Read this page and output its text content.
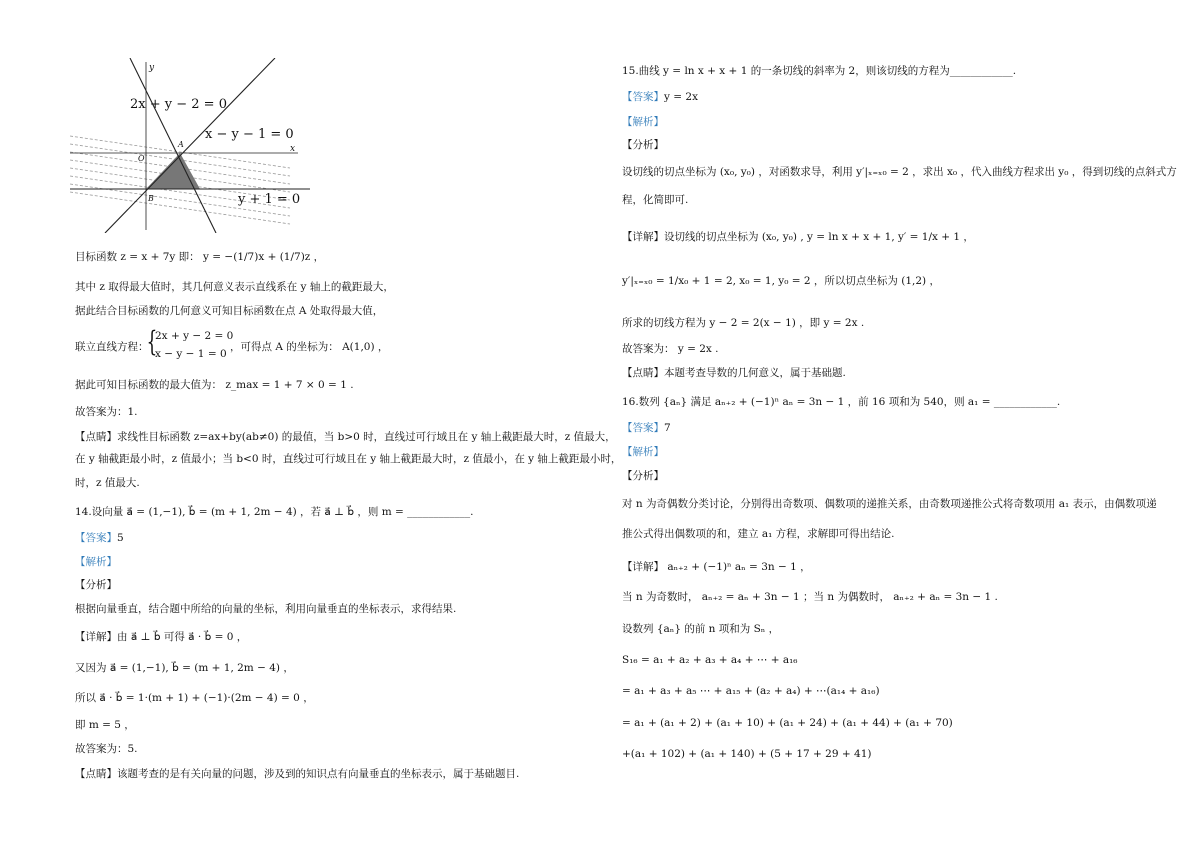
2x + y − 2 = 0
x − y − 1 = 0
y + 1 = 0
y
x
A
B
O
目标函数 z = x + 7y 即： y = −(1/7)x + (1/7)z ，
其中 z 取得最大值时，其几何意义表示直线系在 y 轴上的截距最大，
据此结合目标函数的几何意义可知目标函数在点 A 处取得最大值，
联立直线方程：
{
2x + y − 2 = 0
x − y − 1 = 0
，可得点 A 的坐标为： A(1,0) ，
据此可知目标函数的最大值为： z_max = 1 + 7 × 0 = 1 .
故答案为：1.
【点睛】求线性目标函数 z=ax+by(ab≠0) 的最值，当 b>0 时，直线过可行域且在 y 轴上截距最大时，z 值最大，
在 y 轴截距最小时，z 值最小；当 b<0 时，直线过可行域且在 y 轴上截距最大时，z 值最小，在 y 轴上截距最小时，
时，z 值最大.
14.设向量 a⃗ = (1,−1), b⃗ = (m + 1, 2m − 4) ，若 a⃗ ⊥ b⃗ ，则 m = ____________.
【答案】5
【解析】
【分析】
根据向量垂直，结合题中所给的向量的坐标，利用向量垂直的坐标表示，求得结果.
【详解】由 a⃗ ⊥ b⃗ 可得 a⃗ · b⃗ = 0 ，
又因为 a⃗ = (1,−1), b⃗ = (m + 1, 2m − 4) ，
所以 a⃗ · b⃗ = 1·(m + 1) + (−1)·(2m − 4) = 0 ，
即 m = 5 ，
故答案为：5.
【点睛】该题考查的是有关向量的问题，涉及到的知识点有向量垂直的坐标表示，属于基础题目.
15.曲线 y = ln x + x + 1 的一条切线的斜率为 2，则该切线的方程为____________.
【答案】y = 2x
【解析】
【分析】
设切线的切点坐标为 (x₀, y₀) ，对函数求导，利用 y′|ₓ₌ₓ₀ = 2 ，求出 x₀ ，代入曲线方程求出 y₀ ，得到切线的点斜式方
程，化简即可.
【详解】设切线的切点坐标为 (x₀, y₀) , y = ln x + x + 1, y′ = 1/x + 1 ，
y′|ₓ₌ₓ₀ = 1/x₀ + 1 = 2, x₀ = 1, y₀ = 2 ，所以切点坐标为 (1,2) ，
所求的切线方程为 y − 2 = 2(x − 1) ，即 y = 2x .
故答案为： y = 2x .
【点睛】本题考查导数的几何意义，属于基础题.
16.数列 {aₙ} 满足 aₙ₊₂ + (−1)ⁿ aₙ = 3n − 1 ，前 16 项和为 540，则 a₁ = ____________.
【答案】7
【解析】
【分析】
对 n 为奇偶数分类讨论，分别得出奇数项、偶数项的递推关系，由奇数项递推公式将奇数项用 a₁ 表示，由偶数项递
推公式得出偶数项的和，建立 a₁ 方程，求解即可得出结论.
【详解】 aₙ₊₂ + (−1)ⁿ aₙ = 3n − 1 ，
当 n 为奇数时， aₙ₊₂ = aₙ + 3n − 1 ；当 n 为偶数时， aₙ₊₂ + aₙ = 3n − 1 .
设数列 {aₙ} 的前 n 项和为 Sₙ ，
S₁₆ = a₁ + a₂ + a₃ + a₄ + ⋯ + a₁₆
= a₁ + a₃ + a₅ ⋯ + a₁₅ + (a₂ + a₄) + ⋯(a₁₄ + a₁₆)
= a₁ + (a₁ + 2) + (a₁ + 10) + (a₁ + 24) + (a₁ + 44) + (a₁ + 70)
+(a₁ + 102) + (a₁ + 140) + (5 + 17 + 29 + 41)
